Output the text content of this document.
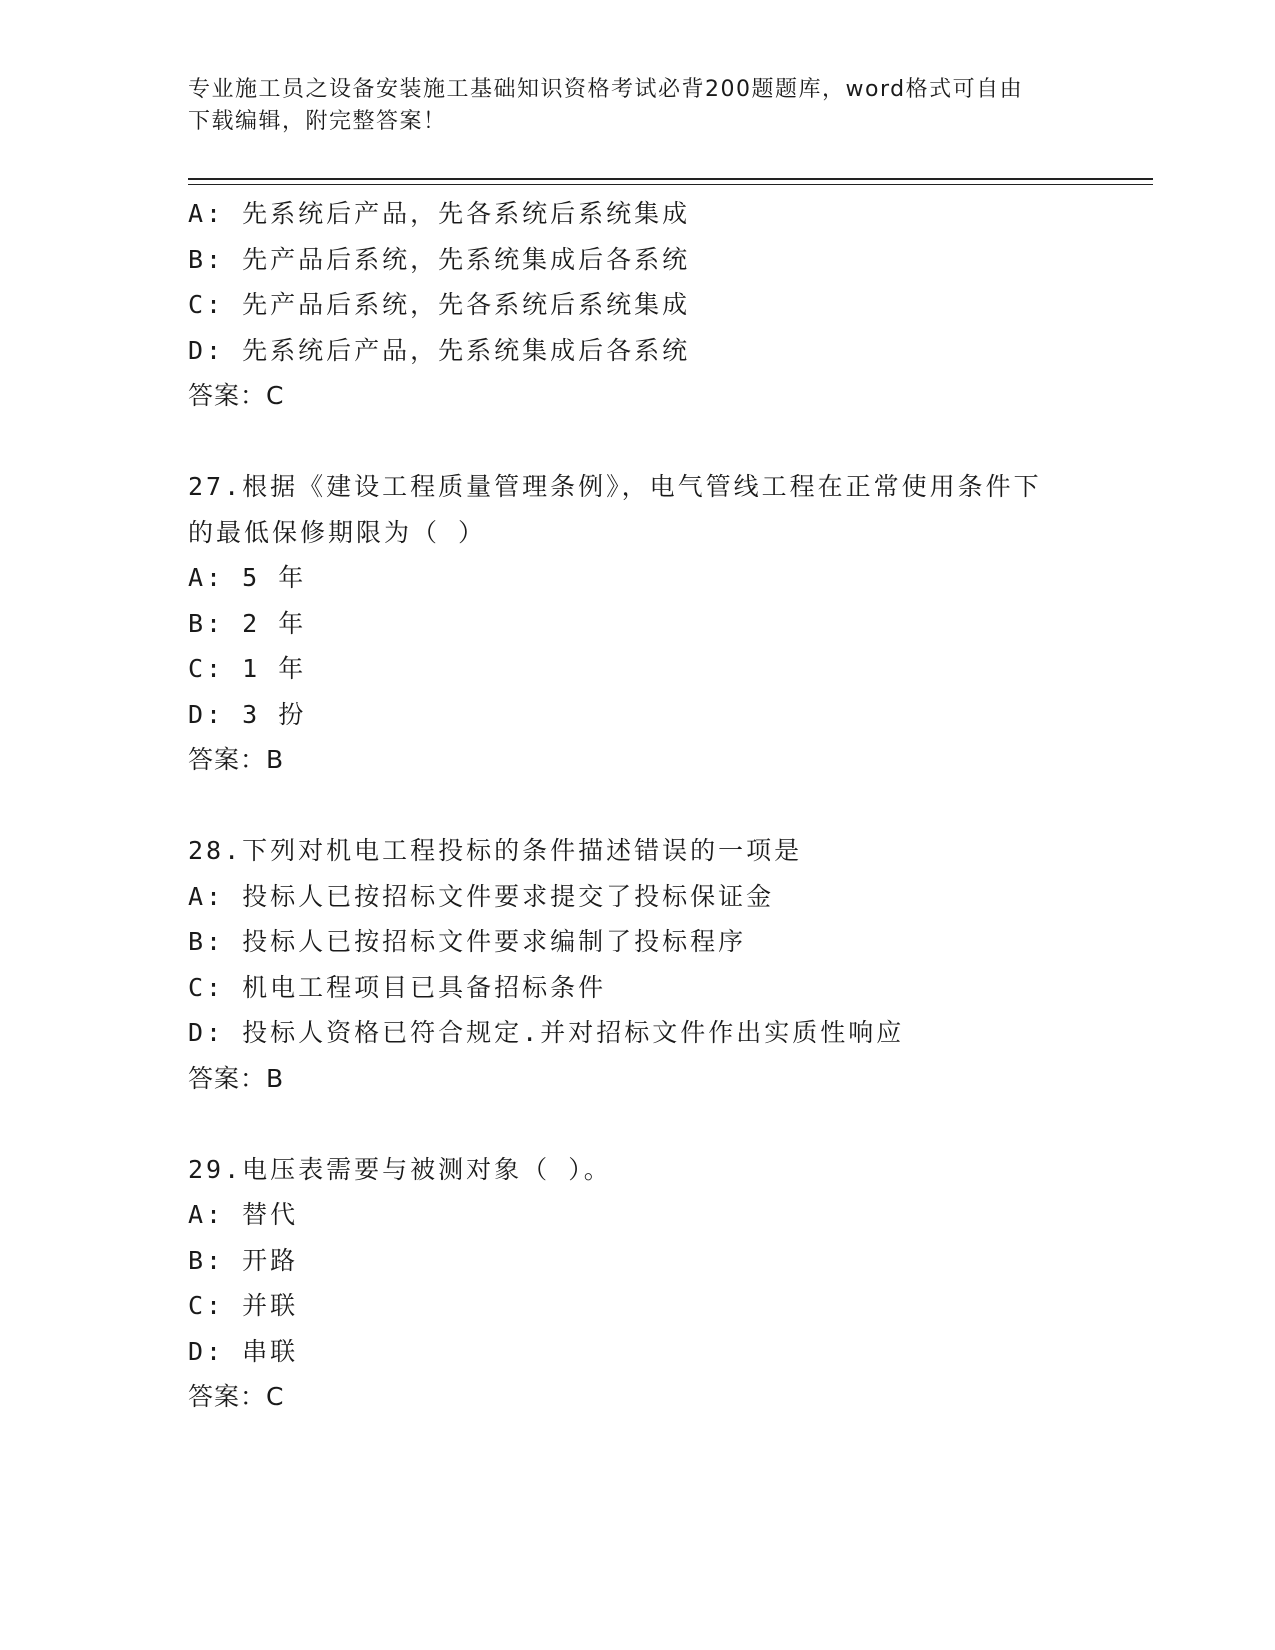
专业施工员之设备安装施工基础知识资格考试必背200题题库，word格式可自由
下载编辑，附完整答案！
A: 先系统后产品，先各系统后系统集成
B: 先产品后系统，先系统集成后各系统
C: 先产品后系统，先各系统后系统集成
D: 先系统后产品，先系统集成后各系统
答案：C
27.根据《建设工程质量管理条例》，电气管线工程在正常使用条件下
的最低保修期限为（ ）
A: 5 年
B: 2 年
C: 1 年
D: 3 扮
答案：B
28.下列对机电工程投标的条件描述错误的一项是
A: 投标人已按招标文件要求提交了投标保证金
B: 投标人已按招标文件要求编制了投标程序
C: 机电工程项目已具备招标条件
D: 投标人资格已符合规定.并对招标文件作出实质性响应
答案：B
29.电压表需要与被测对象（ ）。
A: 替代
B: 开路
C: 并联
D: 串联
答案：C
